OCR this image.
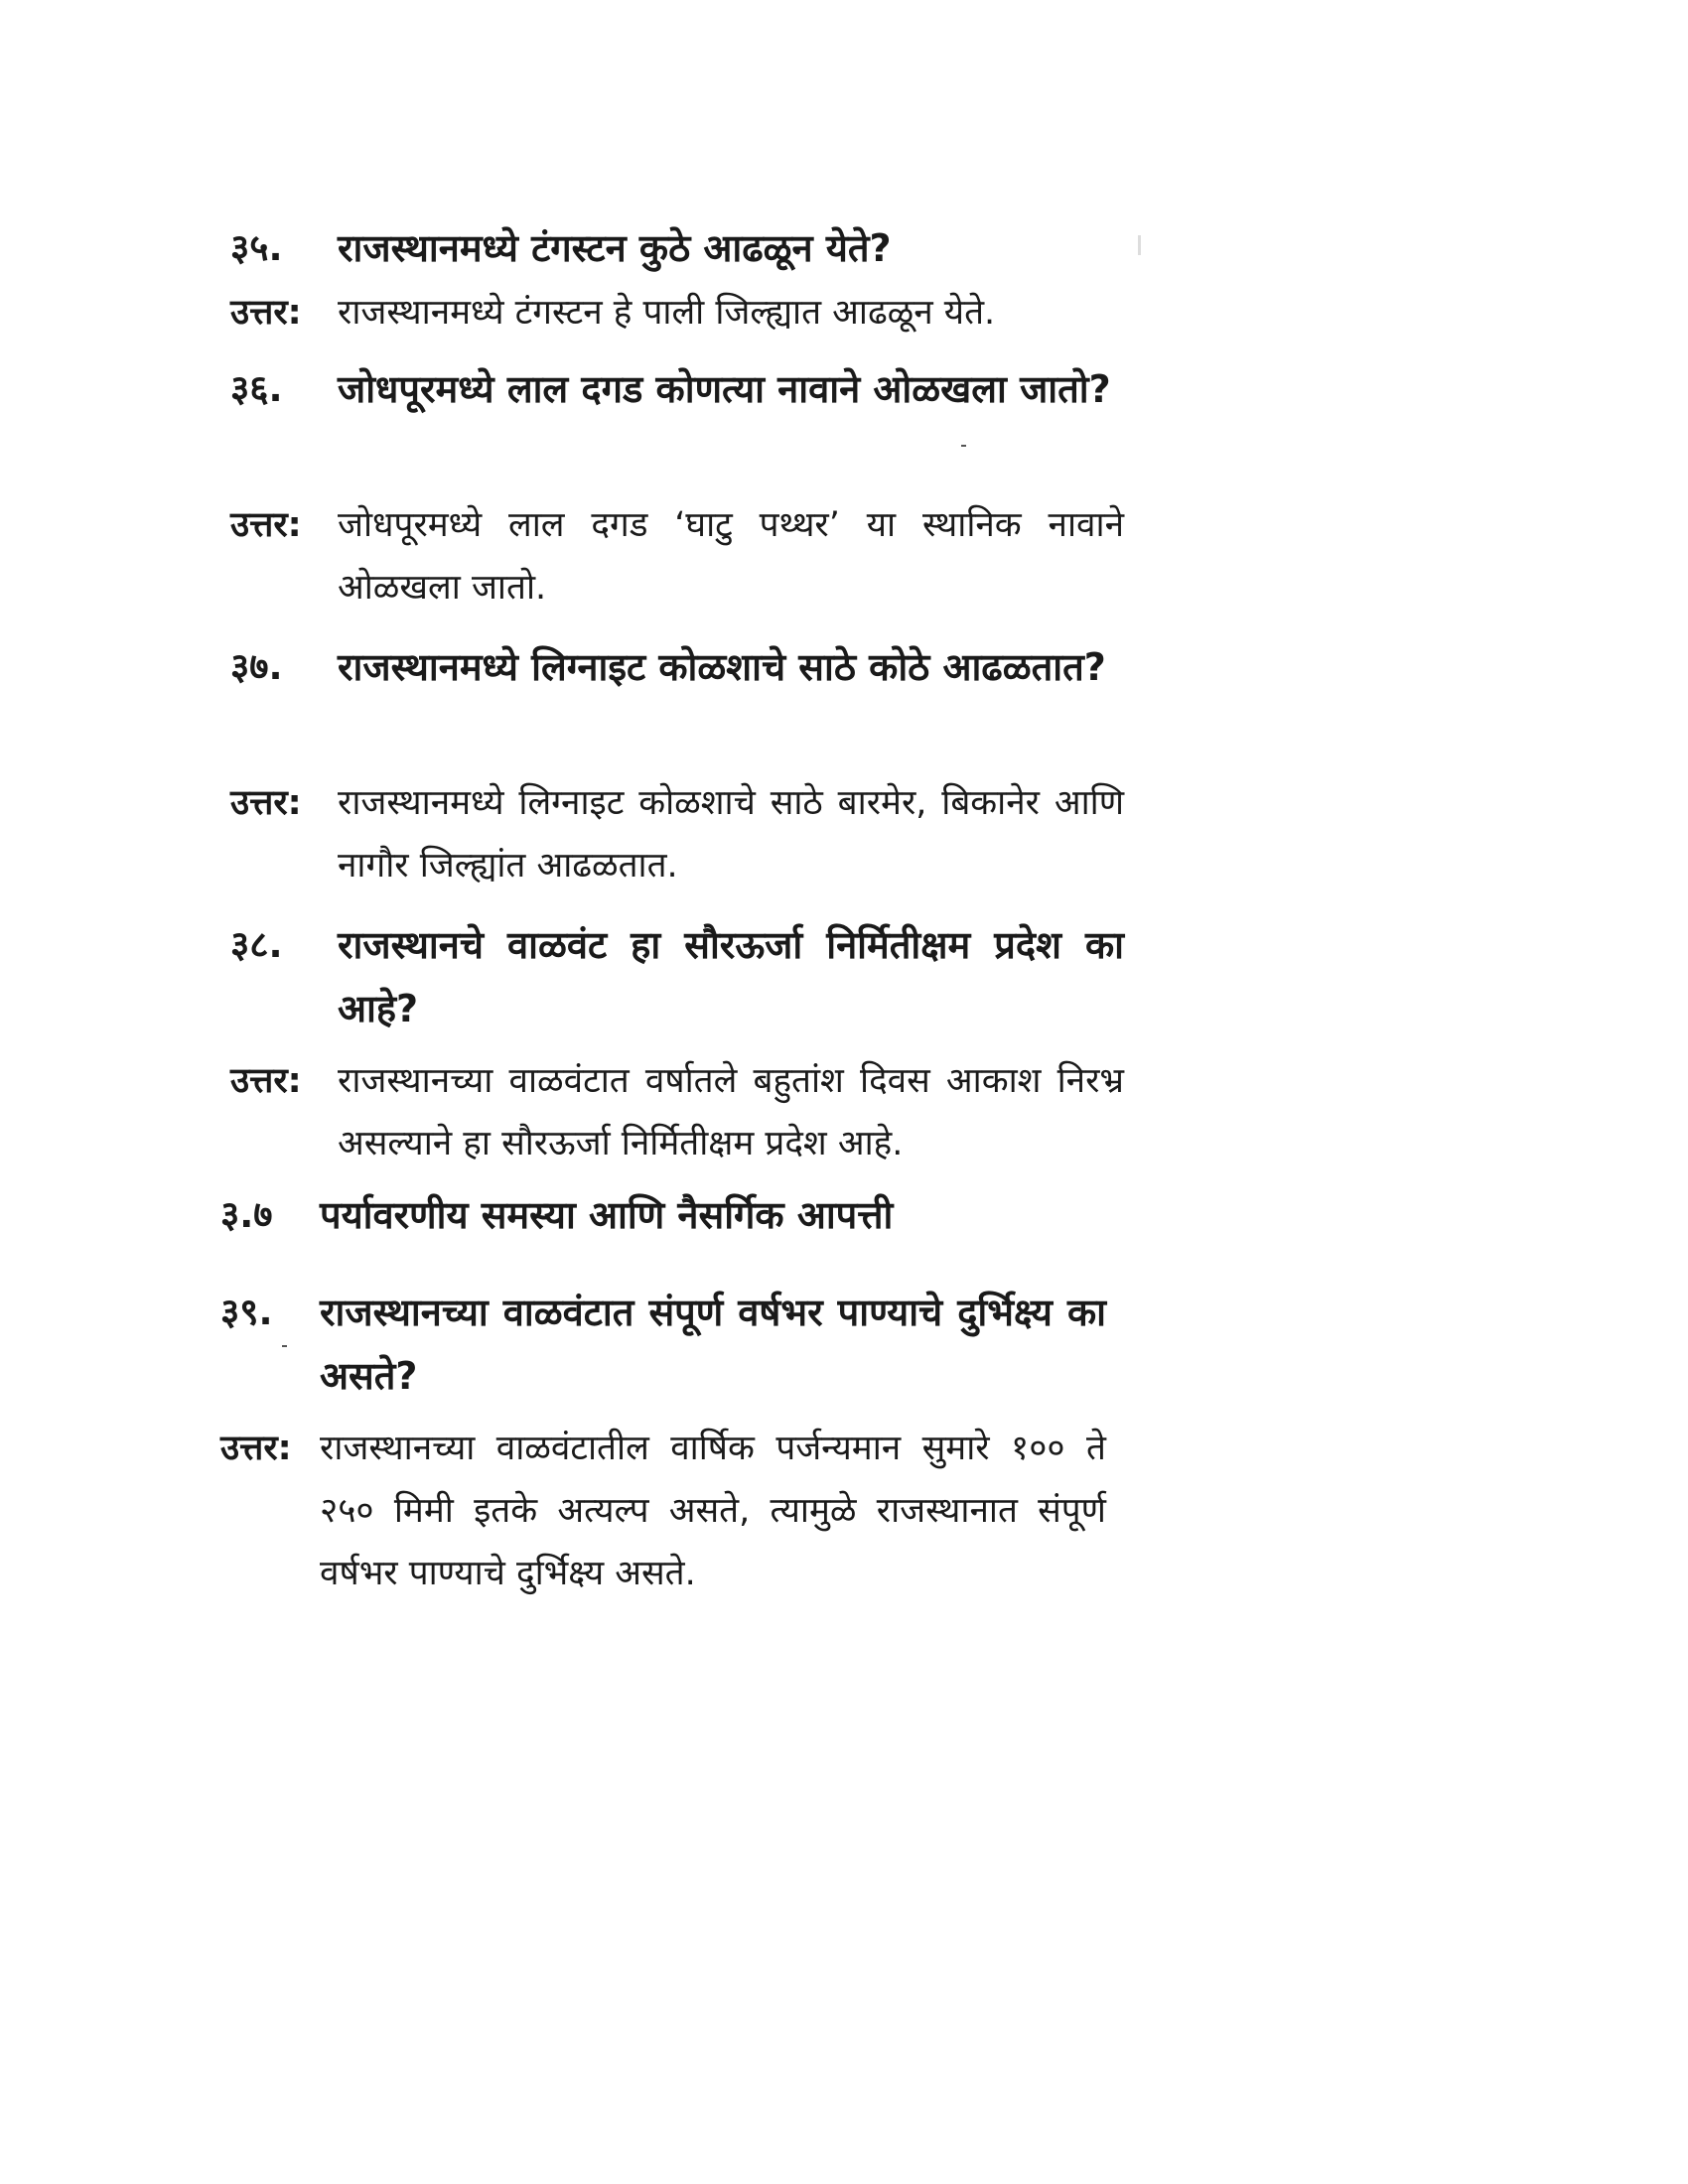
३५.	राजस्थानमध्ये टंगस्टन कुठे आढळून येते?
उत्तर:	राजस्थानमध्ये टंगस्टन हे पाली जिल्ह्यात आढळून येते.
३६.	जोधपूरमध्ये लाल दगड कोणत्या नावाने ओळखला जातो?
उत्तर:	जोधपूरमध्ये लाल दगड ‘घाटु पथ्थर’ या स्थानिक नावाने ओळखला जातो.
३७.	राजस्थानमध्ये लिग्नाइट कोळशाचे साठे कोठे आढळतात?
उत्तर:	राजस्थानमध्ये लिग्नाइट कोळशाचे साठे बारमेर, बिकानेर आणि नागौर जिल्ह्यांत आढळतात.
३८.	राजस्थानचे वाळवंट हा सौरऊर्जा निर्मितीक्षम प्रदेश का आहे?
उत्तर:	राजस्थानच्या वाळवंटात वर्षातले बहुतांश दिवस आकाश निरभ्र असल्याने हा सौरऊर्जा निर्मितीक्षम प्रदेश आहे.
३.७	पर्यावरणीय समस्या आणि नैसर्गिक आपत्ती
३९.	राजस्थानच्या वाळवंटात संपूर्ण वर्षभर पाण्याचे दुर्भिक्ष्य का असते?
उत्तर: राजस्थानच्या वाळवंटातील वार्षिक पर्जन्यमान सुमारे १०० ते २५० मिमी इतके अत्यल्प असते, त्यामुळे राजस्थानात संपूर्ण वर्षभर पाण्याचे दुर्भिक्ष्य असते.
